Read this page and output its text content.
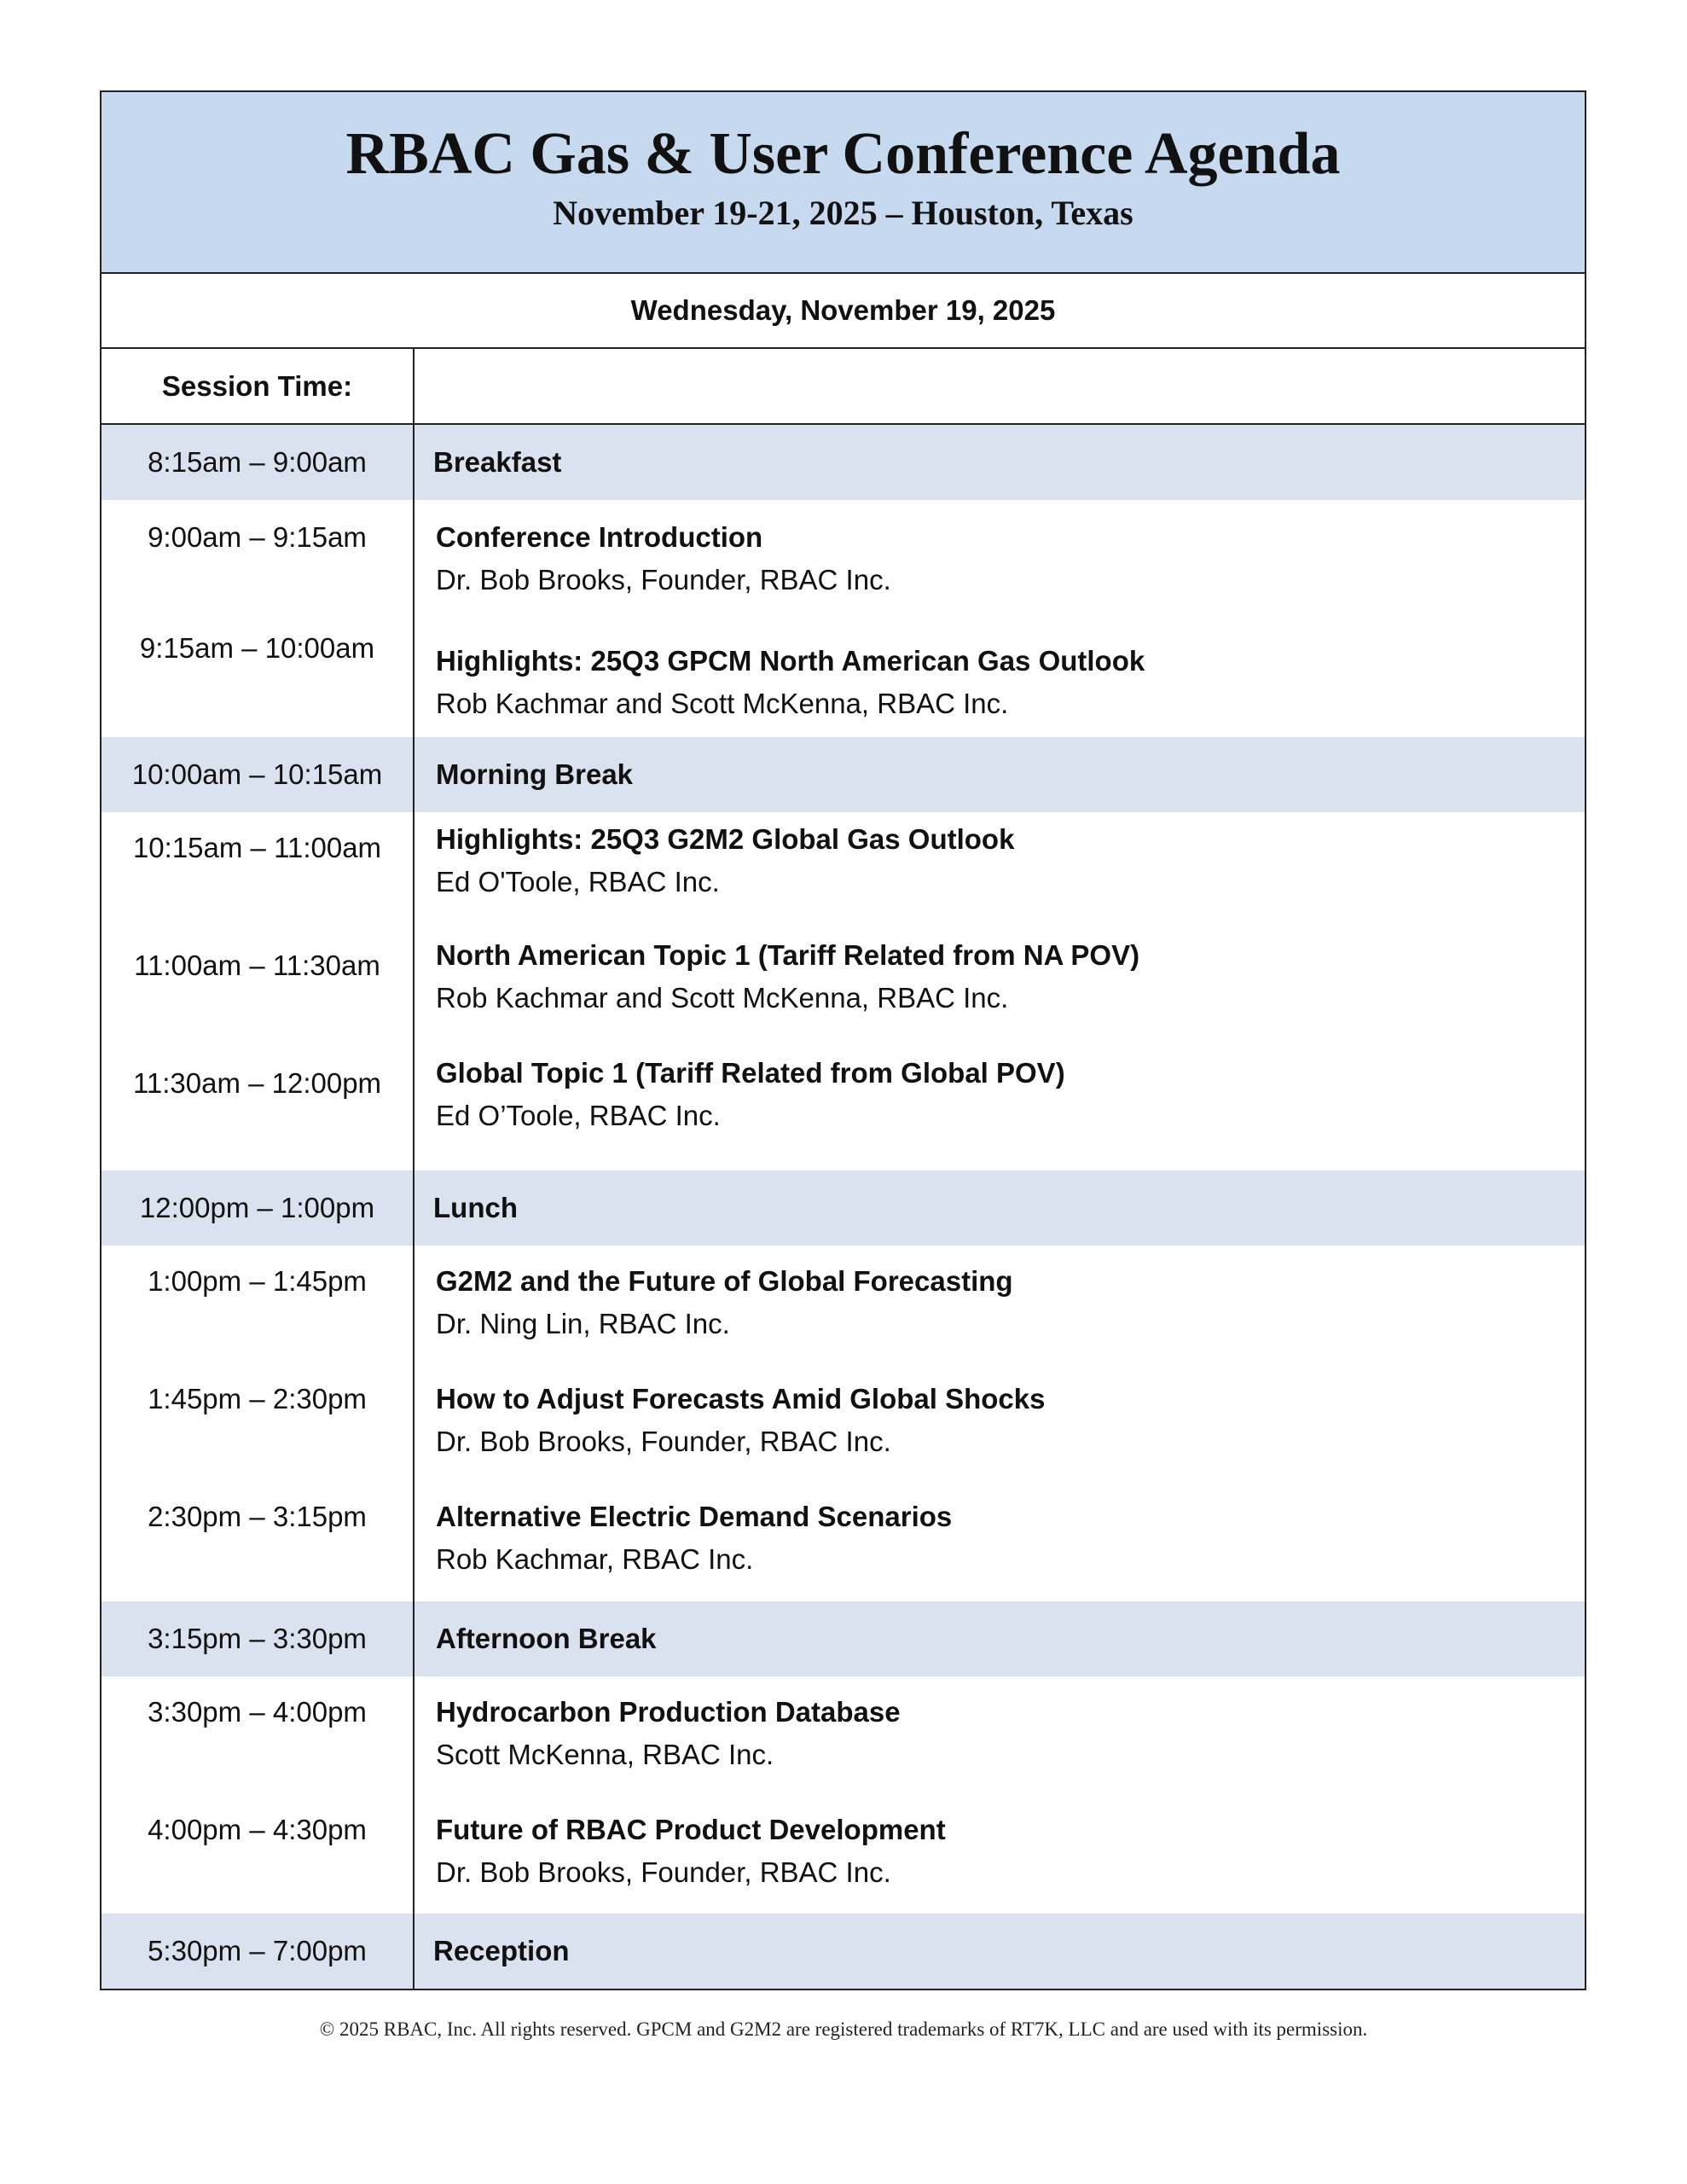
RBAC Gas & User Conference Agenda
November 19-21, 2025 – Houston, Texas
Wednesday, November 19, 2025
Session Time:
8:15am – 9:00am	Breakfast
9:00am – 9:15am	Conference Introduction
Dr. Bob Brooks, Founder, RBAC Inc.
9:15am – 10:00am	Highlights: 25Q3 GPCM North American Gas Outlook
Rob Kachmar and Scott McKenna, RBAC Inc.
10:00am – 10:15am	Morning Break
10:15am – 11:00am	Highlights: 25Q3 G2M2 Global Gas Outlook
Ed O'Toole, RBAC Inc.
11:00am – 11:30am	North American Topic 1 (Tariff Related from NA POV)
Rob Kachmar and Scott McKenna, RBAC Inc.
11:30am – 12:00pm	Global Topic 1 (Tariff Related from Global POV)
Ed O’Toole, RBAC Inc.
12:00pm – 1:00pm	Lunch
1:00pm – 1:45pm	G2M2 and the Future of Global Forecasting
Dr. Ning Lin, RBAC Inc.
1:45pm – 2:30pm	How to Adjust Forecasts Amid Global Shocks
Dr. Bob Brooks, Founder, RBAC Inc.
2:30pm – 3:15pm	Alternative Electric Demand Scenarios
Rob Kachmar, RBAC Inc.
3:15pm – 3:30pm	Afternoon Break
3:30pm – 4:00pm	Hydrocarbon Production Database
Scott McKenna, RBAC Inc.
4:00pm – 4:30pm	Future of RBAC Product Development
Dr. Bob Brooks, Founder, RBAC Inc.
5:30pm – 7:00pm	Reception
© 2025 RBAC, Inc. All rights reserved. GPCM and G2M2 are registered trademarks of RT7K, LLC and are used with its permission.
